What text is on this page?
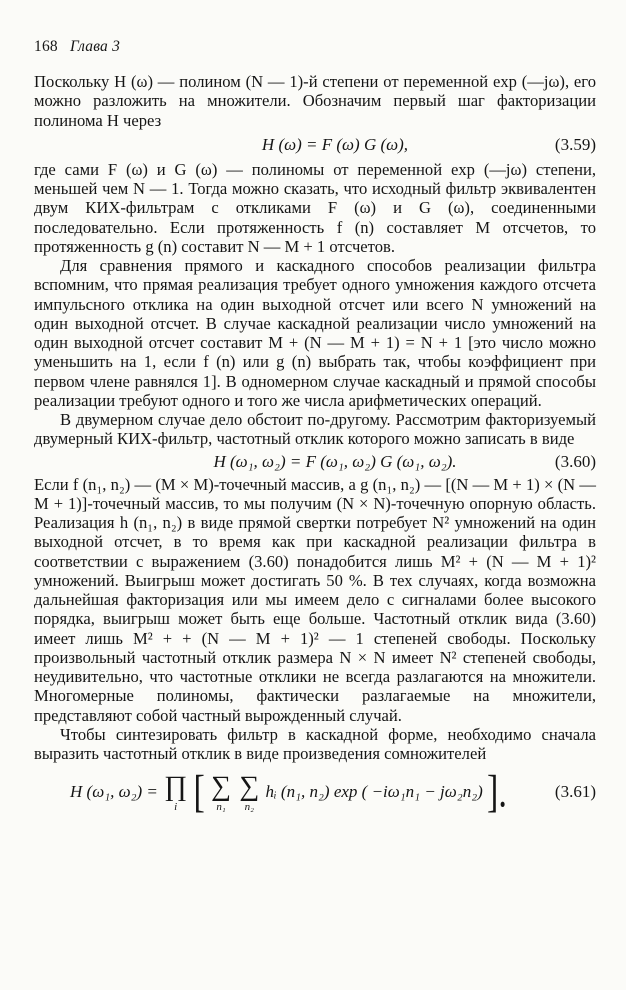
168 Глава 3

Поскольку H (ω) — полином (N — 1)-й степени от переменной exp (—jω), его можно разложить на множители. Обозначим первый шаг факторизации полинома H через

H (ω) = F (ω) G (ω),	(3.59)

где сами F (ω) и G (ω) — полиномы от переменной exp (—jω) степени, меньшей чем N — 1. Тогда можно сказать, что исходный фильтр эквивалентен двум КИХ-фильтрам с откликами F (ω) и G (ω), соединенными последовательно. Если протяженность f (n) составляет M отсчетов, то протяженность g (n) составит N — M + 1 отсчетов.

Для сравнения прямого и каскадного способов реализации фильтра вспомним, что прямая реализация требует одного умножения каждого отсчета импульсного отклика на один выходной отсчет или всего N умножений на один выходной отсчет. В случае каскадной реализации число умножений на один выходной отсчет составит M + (N — M + 1) = N + 1 [это число можно уменьшить на 1, если f (n) или g (n) выбрать так, чтобы коэффициент при первом члене равнялся 1]. В одномерном случае каскадный и прямой способы реализации требуют одного и того же числа арифметических операций.

В двумерном случае дело обстоит по-другому. Рассмотрим факторизуемый двумерный КИХ-фильтр, частотный отклик которого можно записать в виде

H (ω₁, ω₂) = F (ω₁, ω₂) G (ω₁, ω₂).	(3.60)

Если f (n₁, n₂) — (M × M)-точечный массив, а g (n₁, n₂) — [(N — M + 1) × (N — M + 1)]-точечный массив, то мы получим (N × N)-точечную опорную область. Реализация h (n₁, n₂) в виде прямой свертки потребует N² умножений на один выходной отсчет, в то время как при каскадной реализации фильтра в соответствии с выражением (3.60) понадобится лишь M² + (N — M + 1)² умножений. Выигрыш может достигать 50 %. В тех случаях, когда возможна дальнейшая факторизация или мы имеем дело с сигналами более высокого порядка, выигрыш может быть еще больше. Частотный отклик вида (3.60) имеет лишь M² + + (N — M + 1)² — 1 степеней свободы. Поскольку произвольный частотный отклик размера N × N имеет N² степеней свободы, неудивительно, что частотные отклики не всегда разлагаются на множители. Многомерные полиномы, фактически разлагаемые на множители, представляют собой частный вырожденный случай.

Чтобы синтезировать фильтр в каскадной форме, необходимо сначала выразить частотный отклик в виде произведения сомножителей

H (ω₁, ω₂) = ∏
i [ ∑
n₁

∑
n₂
hᵢ (n₁, n₂) exp ( −iω₁n₁ − jω₂n₂) ].	(3.61)
